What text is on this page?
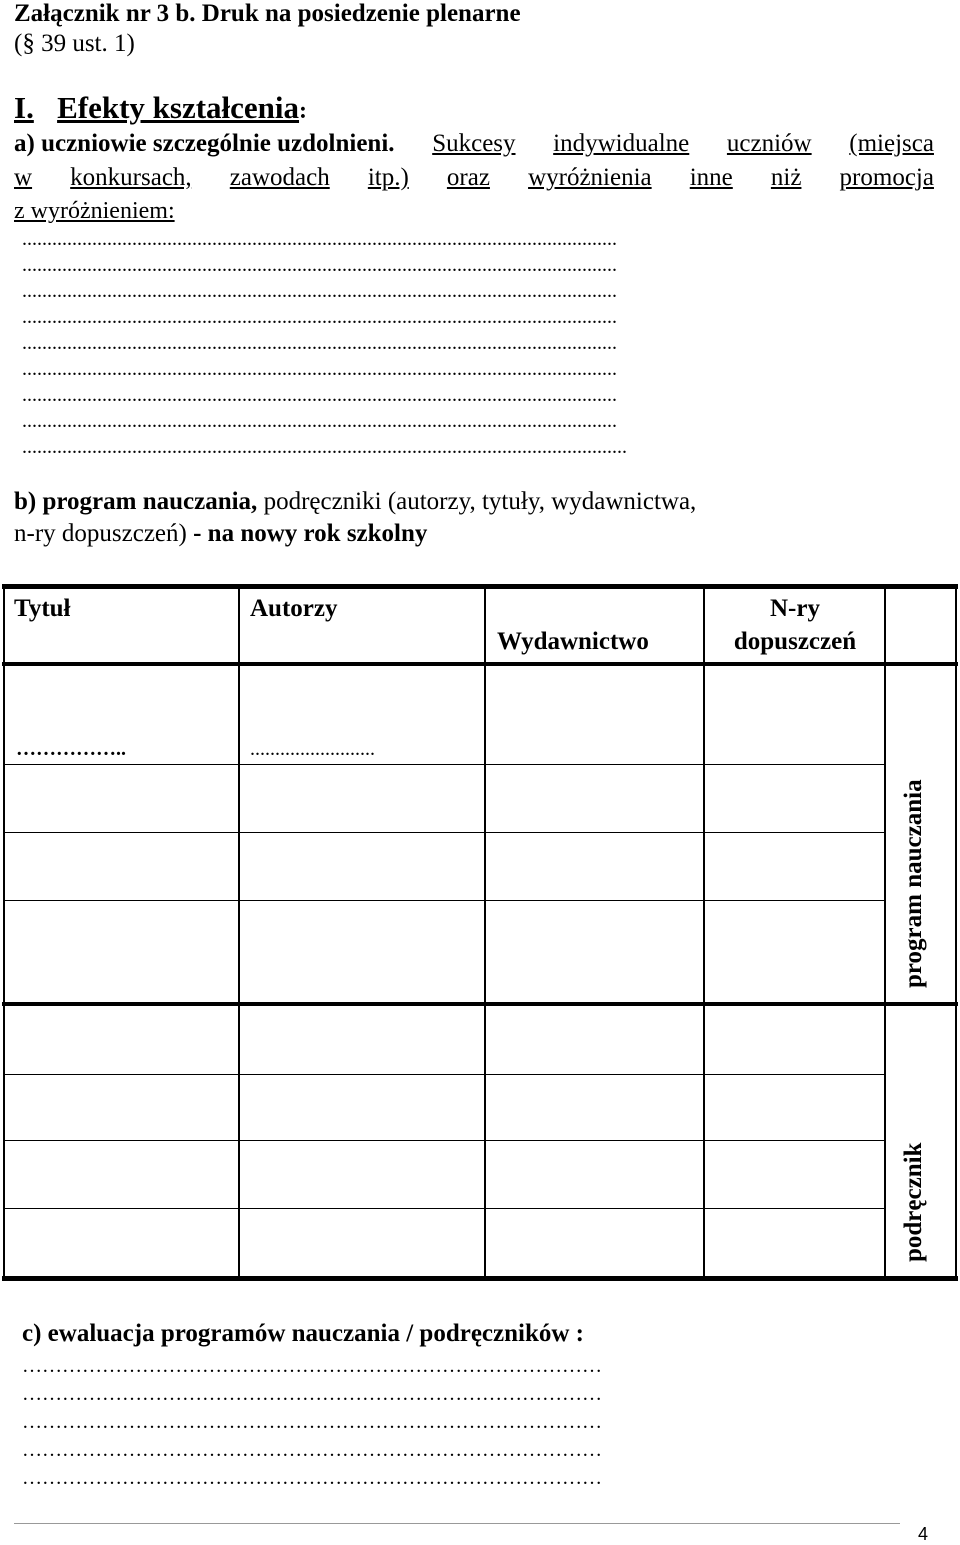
Załącznik nr 3 b. Druk na posiedzenie plenarne
(§ 39 ust. 1)
I. Efekty kształcenia:
a) uczniowie szczególnie uzdolnieni. Sukcesy indywidualne uczniów (miejsca
w konkursach, zawodach itp.) oraz wyróżnienia inne niż promocja
z wyróżnieniem:
.......................................................................................................................
.......................................................................................................................
.......................................................................................................................
.......................................................................................................................
.......................................................................................................................
.......................................................................................................................
.......................................................................................................................
.......................................................................................................................
.........................................................................................................................
b) program nauczania, podręczniki (autorzy, tytuły, wydawnictwa,
n-ry dopuszczeń) - na nowy rok szkolny
Tytuł	Autorzy
Wydawnictwo
N-ry
dopuszczeń
……………..	.........................
program nauczania
podręcznik
c) ewaluacja programów nauczania / podręczników :
……………………………………………………………………………
……………………………………………………………………………
……………………………………………………………………………
……………………………………………………………………………
……………………………………………………………………………
4
